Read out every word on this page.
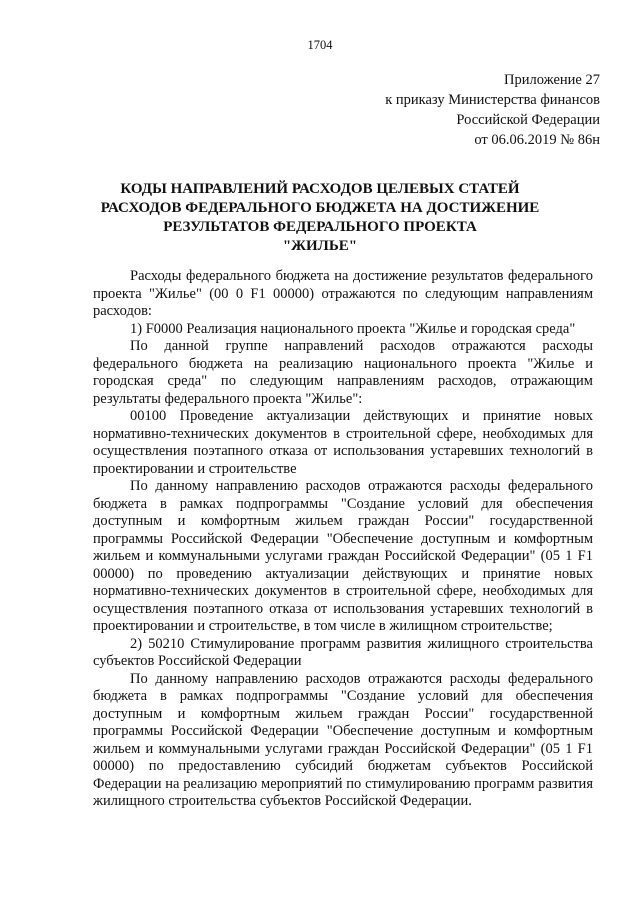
1704
Приложение 27
к приказу Министерства финансов
Российской Федерации
от 06.06.2019 № 86н
КОДЫ НАПРАВЛЕНИЙ РАСХОДОВ ЦЕЛЕВЫХ СТАТЕЙ
РАСХОДОВ ФЕДЕРАЛЬНОГО БЮДЖЕТА НА ДОСТИЖЕНИЕ
РЕЗУЛЬТАТОВ ФЕДЕРАЛЬНОГО ПРОЕКТА
"ЖИЛЬЕ"

Расходы федерального бюджета на достижение результатов федерального проекта "Жилье" (00 0 F1 00000) отражаются по следующим направлениям расходов:

1) F0000 Реализация национального проекта "Жилье и городская среда"

По данной группе направлений расходов отражаются расходы федерального бюджета на реализацию национального проекта "Жилье и городская среда" по следующим направлениям расходов, отражающим результаты федерального проекта "Жилье":

00100 Проведение актуализации действующих и принятие новых нормативно-технических документов в строительной сфере, необходимых для осуществления поэтапного отказа от использования устаревших технологий в проектировании и строительстве

По данному направлению расходов отражаются расходы федерального бюджета в рамках подпрограммы "Создание условий для обеспечения доступным и комфортным жильем граждан России" государственной программы Российской Федерации "Обеспечение доступным и комфортным жильем и коммунальными услугами граждан Российской Федерации" (05 1 F1 00000) по проведению актуализации действующих и принятие новых нормативно-технических документов в строительной сфере, необходимых для осуществления поэтапного отказа от использования устаревших технологий в проектировании и строительстве, в том числе в жилищном строительстве;

2) 50210 Стимулирование программ развития жилищного строительства субъектов Российской Федерации

По данному направлению расходов отражаются расходы федерального бюджета в рамках подпрограммы "Создание условий для обеспечения доступным и комфортным жильем граждан России" государственной программы Российской Федерации "Обеспечение доступным и комфортным жильем и коммунальными услугами граждан Российской Федерации" (05 1 F1 00000) по предоставлению субсидий бюджетам субъектов Российской Федерации на реализацию мероприятий по стимулированию программ развития жилищного строительства субъектов Российской Федерации.
